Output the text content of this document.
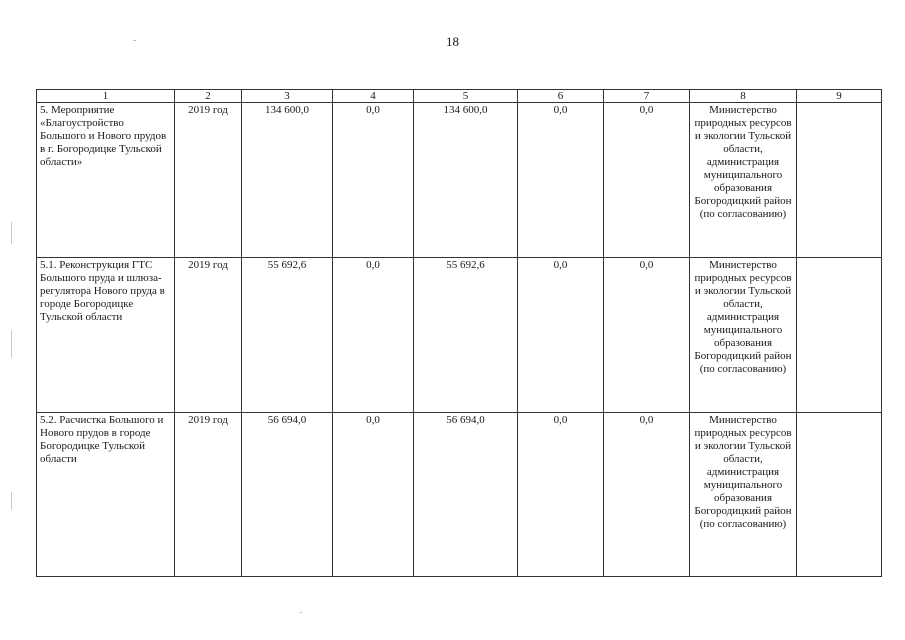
18
1	2	3	4	5	6	7	8	9
5. Мероприятие «Благоустройство Большого и Нового прудов в г. Богородицке Тульской области»	2019 год	134 600,0	0,0	134 600,0	0,0	0,0	Министерство природных ресурсов и экологии Тульской области, администрация муниципального образования Богородицкий район (по согласованию)	
5.1. Реконструкция ГТС Большого пруда и шлюза-регулятора Нового пруда в городе Богородицке Тульской области	2019 год	55 692,6	0,0	55 692,6	0,0	0,0	Министерство природных ресурсов и экологии Тульской области, администрация муниципального образования Богородицкий район (по согласованию)	
5.2. Расчистка Большого и Нового прудов в городе Богородицке Тульской области	2019 год	56 694,0	0,0	56 694,0	0,0	0,0	Министерство природных ресурсов и экологии Тульской области, администрация муниципального образования Богородицкий район (по согласованию)	
